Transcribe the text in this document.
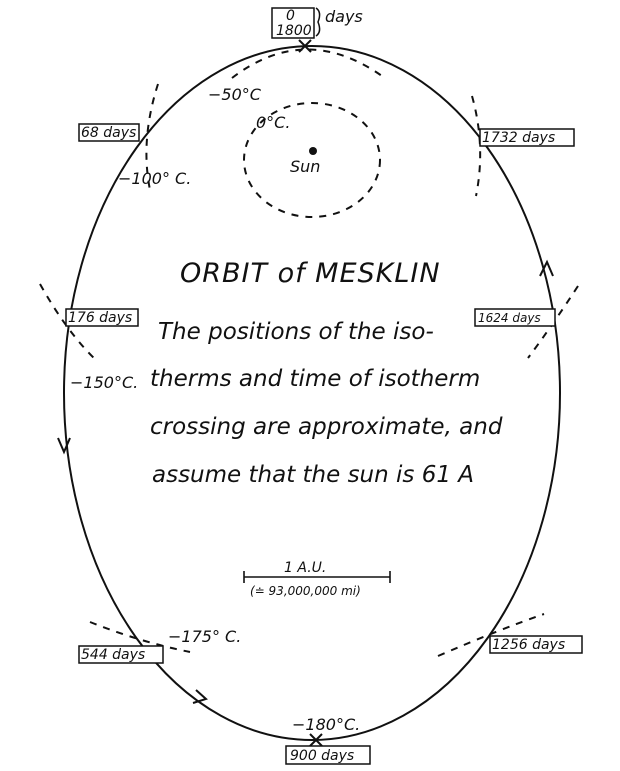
Sun
0°C.
−50°C
−100° C.
−150°C.
−175° C.
−180°C.
0
1800
days
68 days	1732 days
176 days	1624 days
544 days
1256 days
900 days
ORBIT of MESKLIN
The positions of the iso-
therms and time of isotherm
crossing are approximate, and
assume that the sun is 61 A
1 A.U.
(≐ 93,000,000 mi)
